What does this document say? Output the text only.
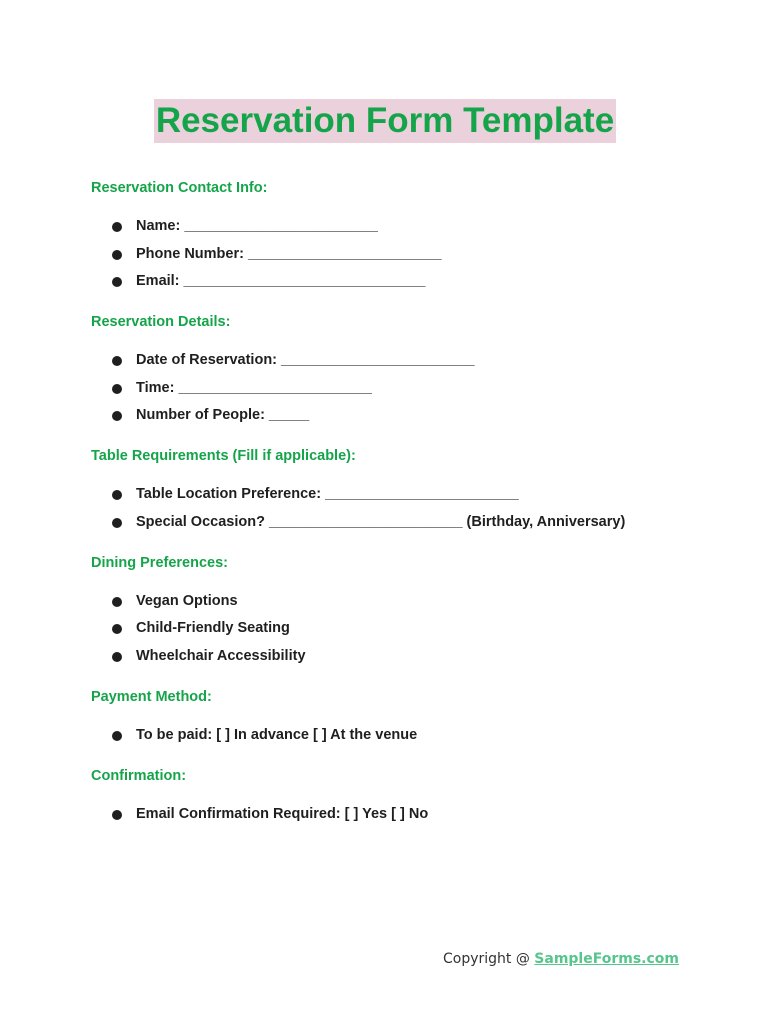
Reservation Form Template
Reservation Contact Info:
Name: ________________________
Phone Number: ________________________
Email: ______________________________
Reservation Details:
Date of Reservation: ________________________
Time: ________________________
Number of People: _____
Table Requirements (Fill if applicable):
Table Location Preference: ________________________
Special Occasion? ________________________ (Birthday, Anniversary)
Dining Preferences:
Vegan Options
Child-Friendly Seating
Wheelchair Accessibility
Payment Method:
To be paid: [ ] In advance [ ] At the venue
Confirmation:
Email Confirmation Required: [ ] Yes [ ] No
Copyright @ SampleForms.com
